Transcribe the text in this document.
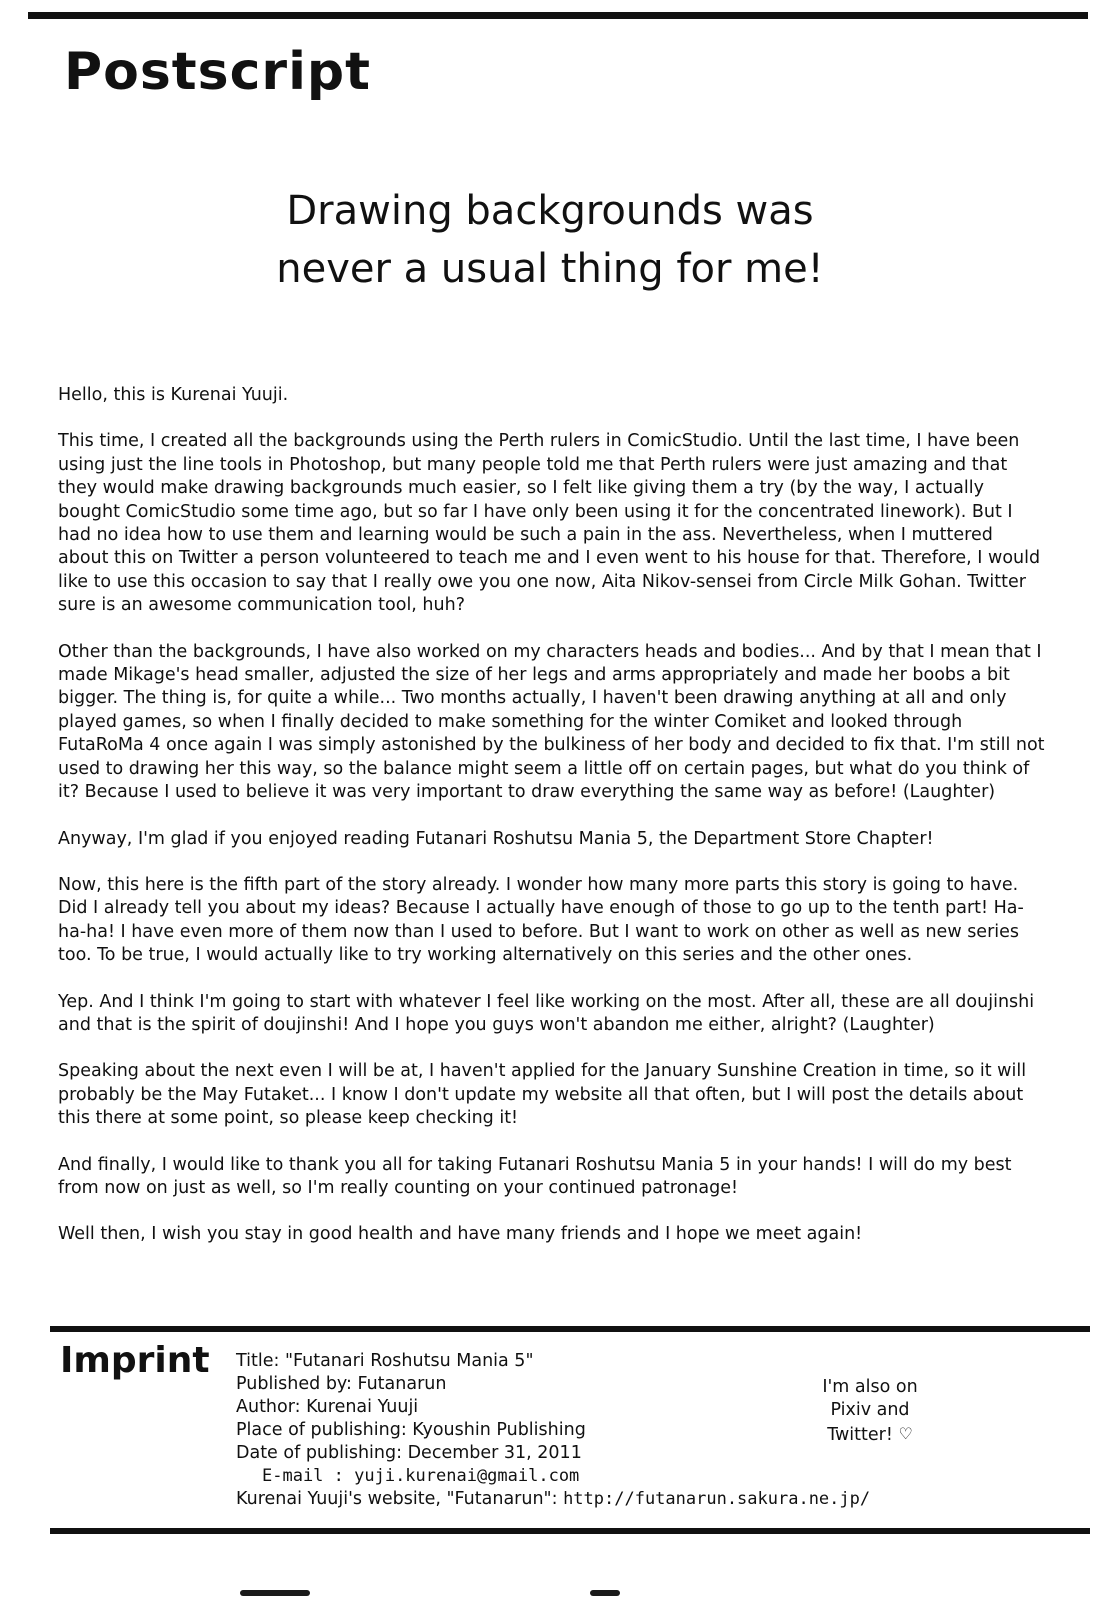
Postscript
Drawing backgrounds was
never a usual thing for me!

Hello, this is Kurenai Yuuji.

This time, I created all the backgrounds using the Perth rulers in ComicStudio. Until the last time, I have been using just the line tools in Photoshop, but many people told me that Perth rulers were just amazing and that they would make drawing backgrounds much easier, so I felt like giving them a try (by the way, I actually bought ComicStudio some time ago, but so far I have only been using it for the concentrated linework). But I had no idea how to use them and learning would be such a pain in the ass. Nevertheless, when I muttered about this on Twitter a person volunteered to teach me and I even went to his house for that. Therefore, I would like to use this occasion to say that I really owe you one now, Aita Nikov-sensei from Circle Milk Gohan. Twitter sure is an awesome communication tool, huh?

Other than the backgrounds, I have also worked on my characters heads and bodies... And by that I mean that I made Mikage's head smaller, adjusted the size of her legs and arms appropriately and made her boobs a bit bigger. The thing is, for quite a while... Two months actually, I haven't been drawing anything at all and only played games, so when I finally decided to make something for the winter Comiket and looked through FutaRoMa 4 once again I was simply astonished by the bulkiness of her body and decided to fix that. I'm still not used to drawing her this way, so the balance might seem a little off on certain pages, but what do you think of it? Because I used to believe it was very important to draw everything the same way as before! (Laughter)

Anyway, I'm glad if you enjoyed reading Futanari Roshutsu Mania 5, the Department Store Chapter!

Now, this here is the fifth part of the story already. I wonder how many more parts this story is going to have. Did I already tell you about my ideas? Because I actually have enough of those to go up to the tenth part! Ha-ha-ha! I have even more of them now than I used to before. But I want to work on other as well as new series too. To be true, I would actually like to try working alternatively on this series and the other ones.

Yep. And I think I'm going to start with whatever I feel like working on the most. After all, these are all doujinshi and that is the spirit of doujinshi! And I hope you guys won't abandon me either, alright? (Laughter)

Speaking about the next even I will be at, I haven't applied for the January Sunshine Creation in time, so it will probably be the May Futaket... I know I don't update my website all that often, but I will post the details about this there at some point, so please keep checking it!

And finally, I would like to thank you all for taking Futanari Roshutsu Mania 5 in your hands! I will do my best from now on just as well, so I'm really counting on your continued patronage!

Well then, I wish you stay in good health and have many friends and I hope we meet again!

Imprint Title: "Futanari Roshutsu Mania 5"
Published by: Futanarun
Author: Kurenai Yuuji
Place of publishing: Kyoushin Publishing
Date of publishing: December 31, 2011
E-mail : yuji.kurenai@gmail.com
Kurenai Yuuji's website, "Futanarun": http://futanarun.sakura.ne.jp/
I'm also on
Pixiv and
Twitter! ♡
